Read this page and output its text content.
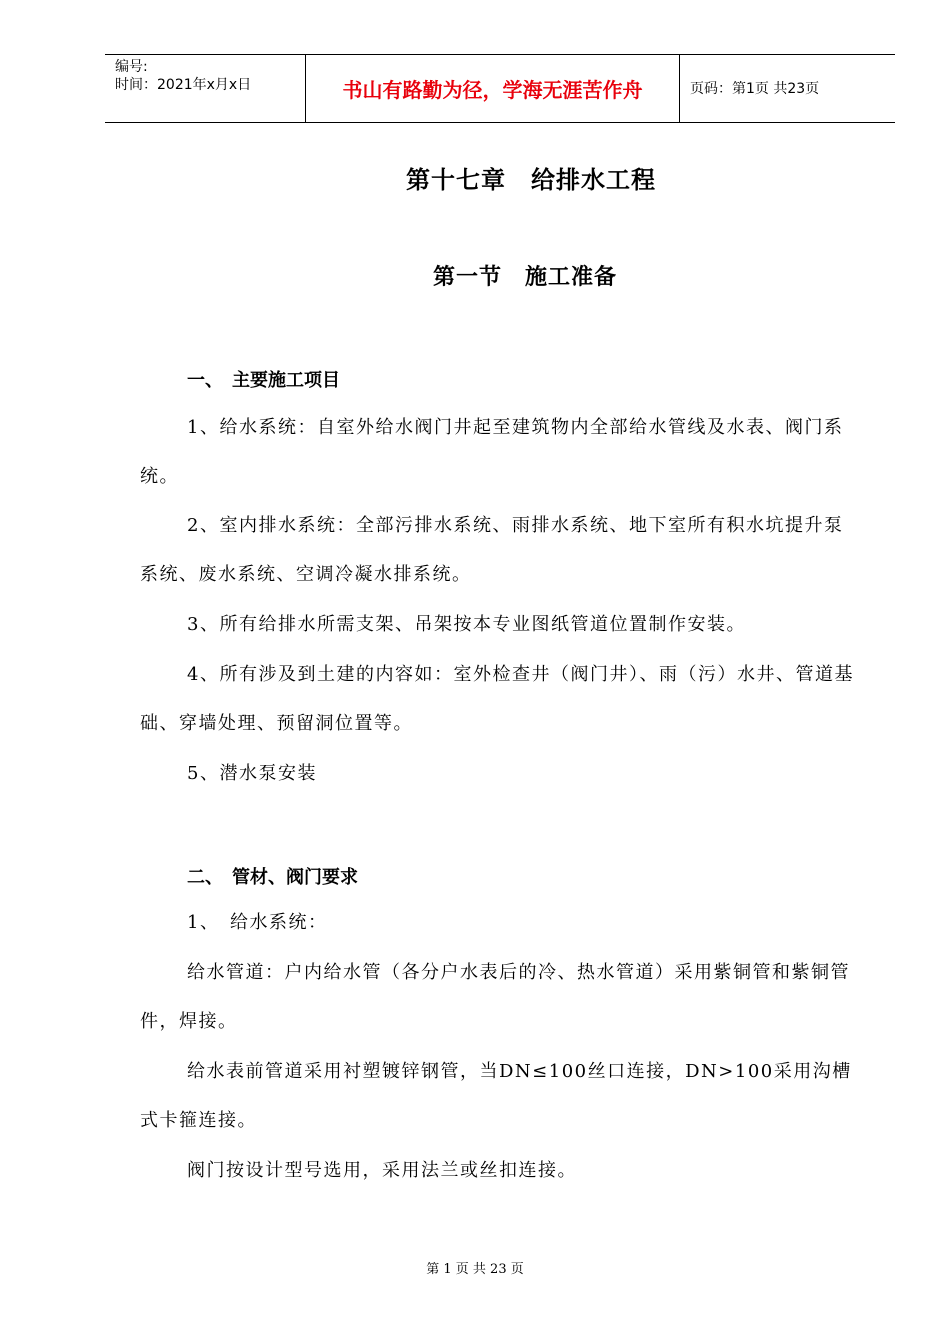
编号:
时间：2021年x月x日	书山有路勤为径，学海无涯苦作舟	页码：第1页 共23页
第十七章　给排水工程
第一节　施工准备
一、　主要施工项目
1、给水系统：自室外给水阀门井起至建筑物内全部给水管线及水表、阀门系统。
2、室内排水系统：全部污排水系统、雨排水系统、地下室所有积水坑提升泵系统、废水系统、空调冷凝水排系统。
3、所有给排水所需支架、吊架按本专业图纸管道位置制作安装。
4、所有涉及到土建的内容如：室外检查井（阀门井）、雨（污）水井、管道基础、穿墙处理、预留洞位置等。
5、潜水泵安装
二、　管材、阀门要求
1、　给水系统：
给水管道：户内给水管（各分户水表后的冷、热水管道）采用紫铜管和紫铜管件，焊接。
给水表前管道采用衬塑镀锌钢管，当DN≤100丝口连接，DN>100采用沟槽式卡箍连接。
阀门按设计型号选用，采用法兰或丝扣连接。
第 1 页 共 23 页
